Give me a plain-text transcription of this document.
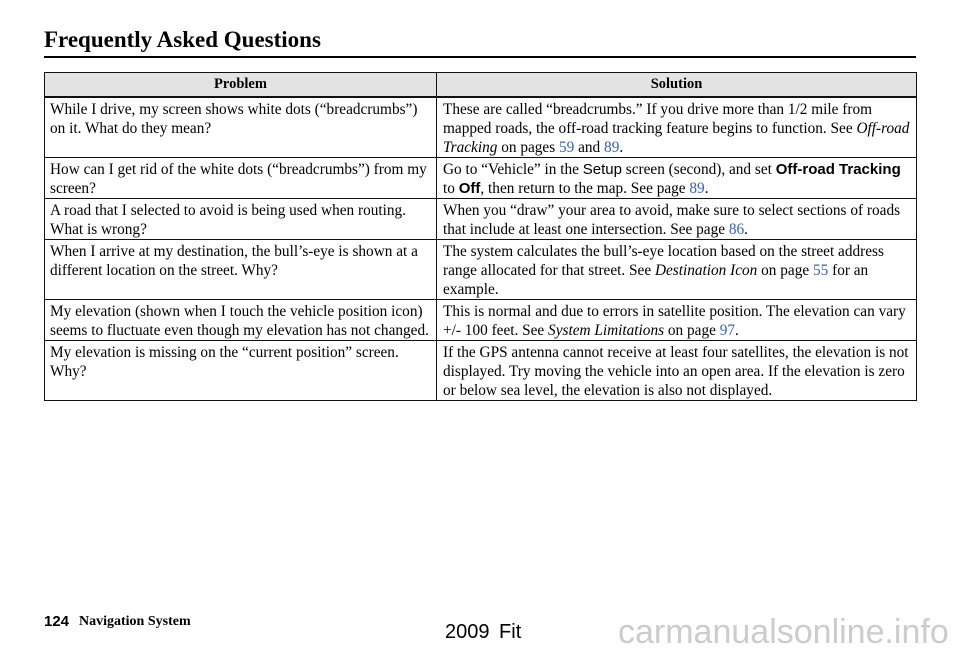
Frequently Asked Questions
Problem	Solution
While I drive, my screen shows white dots (“breadcrumbs”) on it. What do they mean?	These are called “breadcrumbs.” If you drive more than 1/2 mile from mapped roads, the off-road tracking feature begins to function. See Off-road Tracking on pages 59 and 89.
How can I get rid of the white dots (“breadcrumbs”) from my screen?	Go to “Vehicle” in the Setup screen (second), and set Off-road Tracking to Off, then return to the map. See page 89.
A road that I selected to avoid is being used when routing. What is wrong?	When you “draw” your area to avoid, make sure to select sections of roads that include at least one intersection. See page 86.
When I arrive at my destination, the bull’s-eye is shown at a different location on the street. Why?	The system calculates the bull’s-eye location based on the street address range allocated for that street. See Destination Icon on page 55 for an example.
My elevation (shown when I touch the vehicle position icon) seems to fluctuate even though my elevation has not changed.	This is normal and due to errors in satellite position. The elevation can vary +/- 100 feet. See System Limitations on page 97.
My elevation is missing on the “current position” screen. Why?	If the GPS antenna cannot receive at least four satellites, the elevation is not displayed. Try moving the vehicle into an open area. If the elevation is zero or below sea level, the elevation is also not displayed.
124 Navigation System	2009 Fit	carmanualsonline.info
